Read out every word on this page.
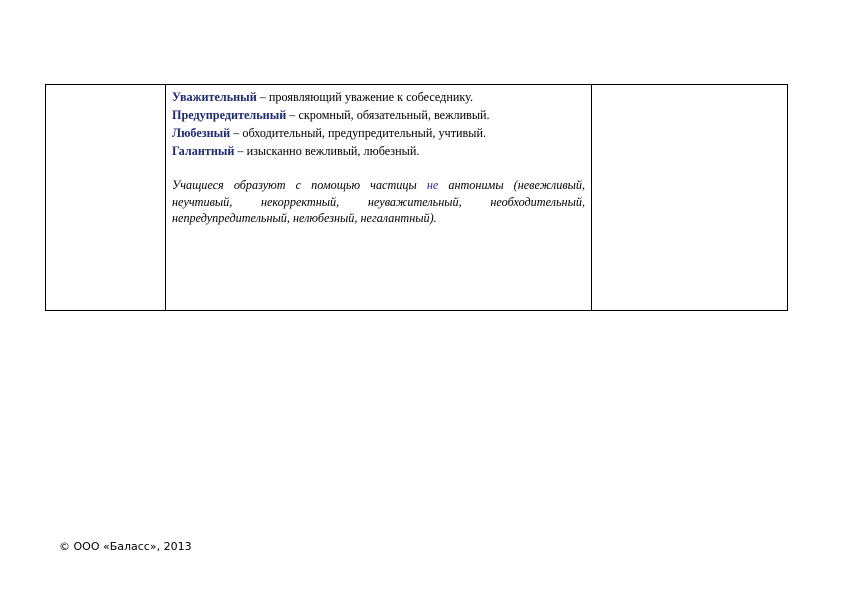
Уважительный – проявляющий уважение к собеседнику.
Предупредительный – скромный, обязательный, вежливый.
Любезный – обходительный, предупредительный, учтивый.
Галантный – изысканно вежливый, любезный.
Учащиеся образуют с помощью частицы не антонимы (невежливый, неучтивый, некорректный, неуважительный, необходительный, непредупредительный, нелюбезный, негалантный).

© ООО «Баласс», 2013
